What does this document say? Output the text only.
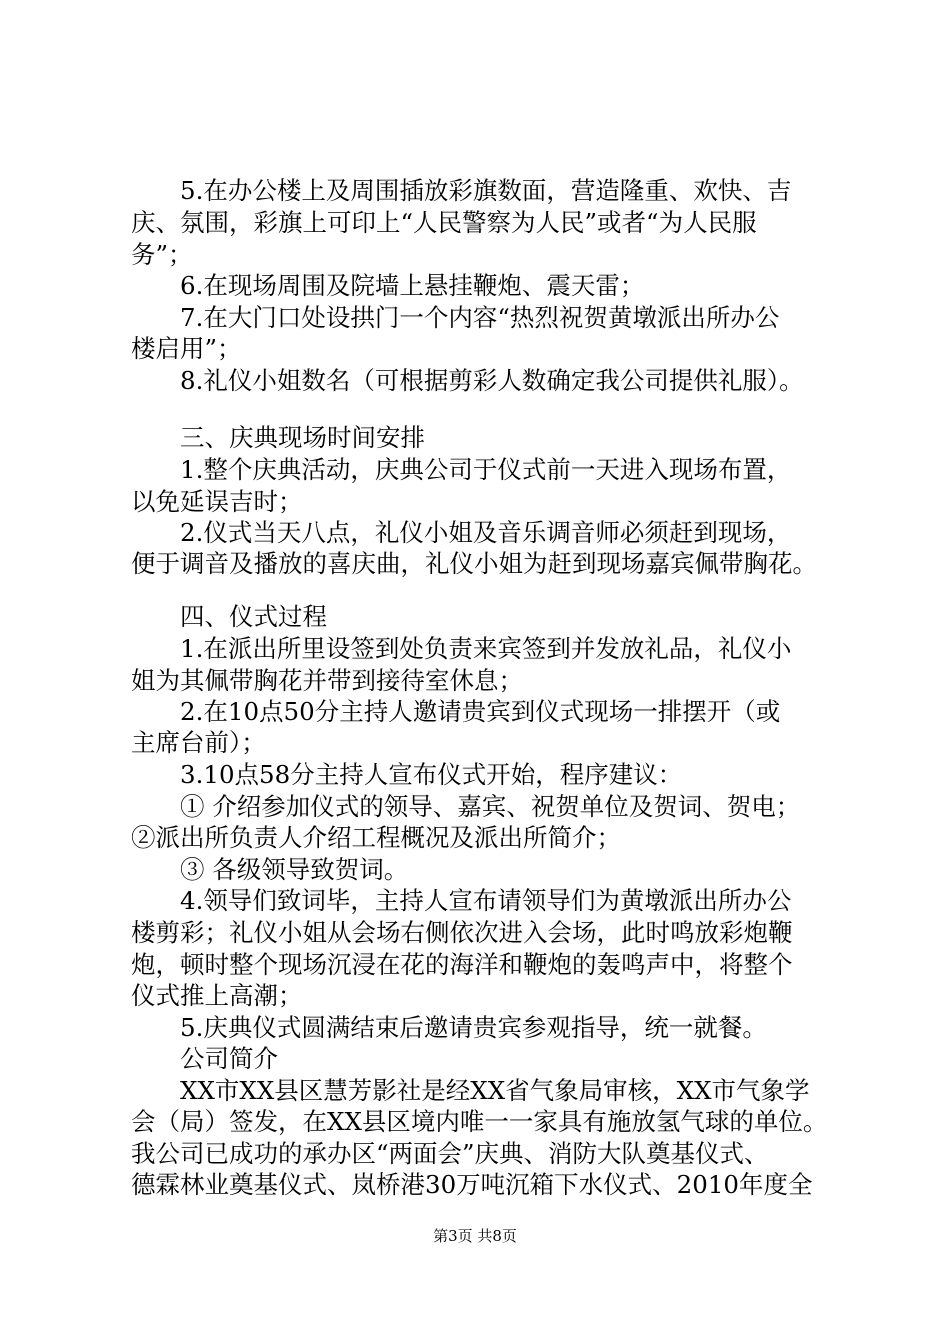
5.在办公楼上及周围插放彩旗数面，营造隆重、欢快、吉
庆、氛围，彩旗上可印上“人民警察为人民”或者“为人民服
务”；
6.在现场周围及院墙上悬挂鞭炮、震天雷；
7.在大门口处设拱门一个内容“热烈祝贺黄墩派出所办公
楼启用”；
8.礼仪小姐数名（可根据剪彩人数确定我公司提供礼服）。
三、庆典现场时间安排
1.整个庆典活动，庆典公司于仪式前一天进入现场布置，
以免延误吉时；
2.仪式当天八点，礼仪小姐及音乐调音师必须赶到现场，
便于调音及播放的喜庆曲，礼仪小姐为赶到现场嘉宾佩带胸花。
四、仪式过程
1.在派出所里设签到处负责来宾签到并发放礼品，礼仪小
姐为其佩带胸花并带到接待室休息；
2.在10点50分主持人邀请贵宾到仪式现场一排摆开（或
主席台前）；
3.10点58分主持人宣布仪式开始，程序建议：
① 介绍参加仪式的领导、嘉宾、祝贺单位及贺词、贺电；
②派出所负责人介绍工程概况及派出所简介；
③ 各级领导致贺词。
4.领导们致词毕，主持人宣布请领导们为黄墩派出所办公
楼剪彩；礼仪小姐从会场右侧依次进入会场，此时鸣放彩炮鞭
炮，顿时整个现场沉浸在花的海洋和鞭炮的轰鸣声中，将整个
仪式推上高潮；
5.庆典仪式圆满结束后邀请贵宾参观指导，统一就餐。
公司简介
XX市XX县区慧芳影社是经XX省气象局审核，XX市气象学
会（局）签发，在XX县区境内唯一一家具有施放氢气球的单位。
我公司已成功的承办区“两面会”庆典、消防大队奠基仪式、
德霖林业奠基仪式、岚桥港30万吨沉箱下水仪式、2010年度全
第3页 共8页
